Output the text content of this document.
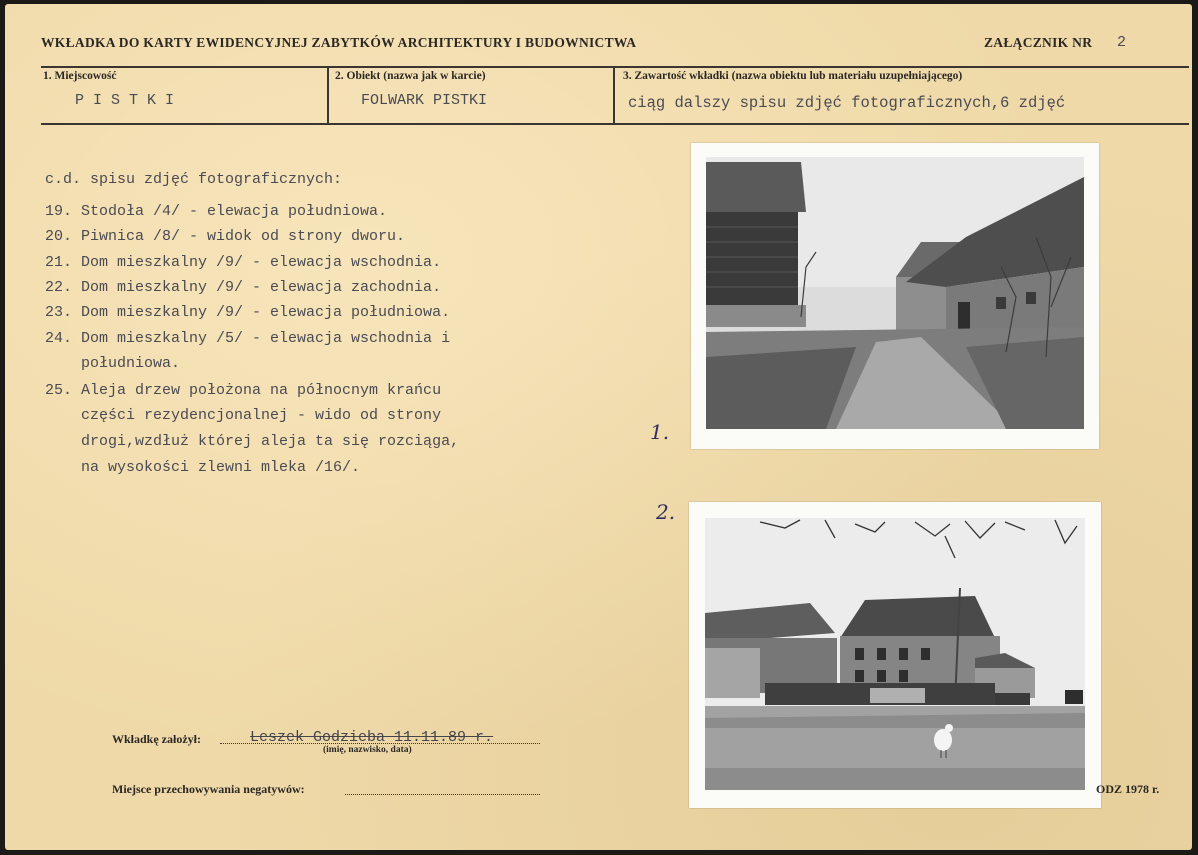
WKŁADKA DO KARTY EWIDENCYJNEJ ZABYTKÓW ARCHITEKTURY I BUDOWNICTWA	ZAŁĄCZNIK NR 2
1. Miejscowość	2. Obiekt (nazwa jak w karcie)	3. Zawartość wkładki (nazwa obiektu lub materiału uzupełniającego)
P I S T K I	FOLWARK PISTKI	ciąg dalszy spisu zdjęć fotograficznych,6 zdjęć
c.d. spisu zdjęć fotograficznych:
19. Stodoła /4/ - elewacja południowa.
20. Piwnica /8/ - widok od strony dworu.
21. Dom mieszkalny /9/ - elewacja wschodnia.
22. Dom mieszkalny /9/ - elewacja zachodnia.
23. Dom mieszkalny /9/ - elewacja południowa.
24. Dom mieszkalny /5/ - elewacja wschodnia i
południowa.
25. Aleja drzew położona na północnym krańcu
części rezydencjonalnej - wido od strony
drogi,wzdłuż której aleja ta się rozciąga,
na wysokości zlewni mleka /16/.
1.
2.
Wkładkę założył:	Leszek Godzieba 11.11.89 r.
(imię, nazwisko, data)
Miejsce przechowywania negatywów:	ODZ 1978 r.
